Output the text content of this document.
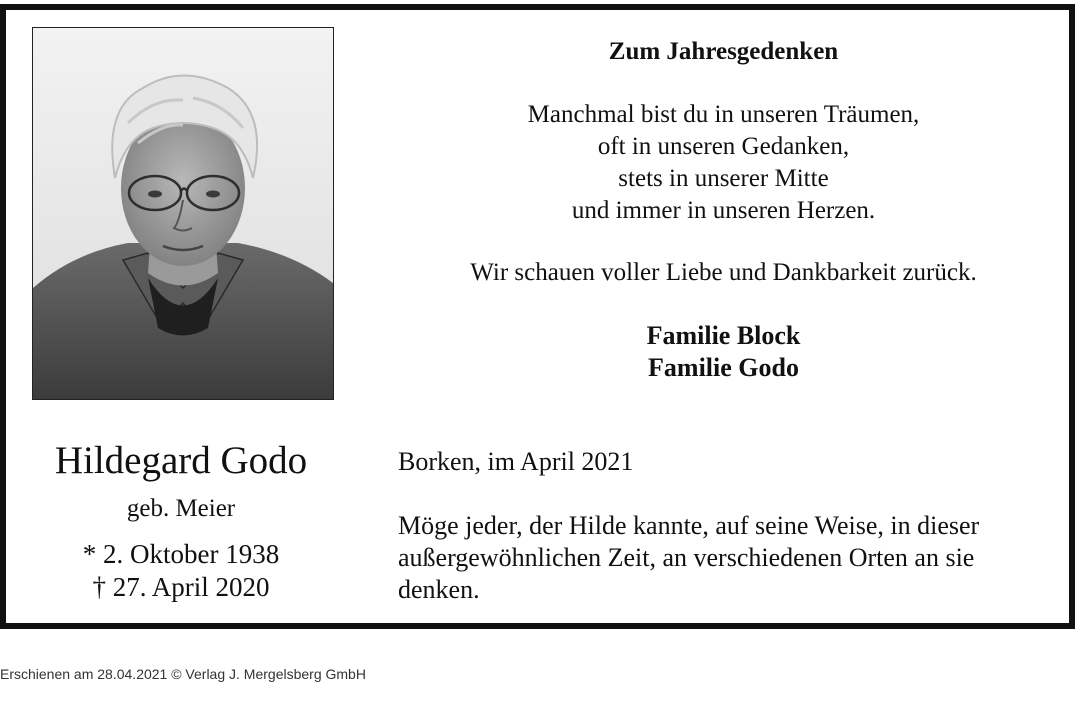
Hildegard Godo
geb. Meier
* 2. Oktober 1938
† 27. April 2020
Zum Jahresgedenken
Manchmal bist du in unseren Träumen,
oft in unseren Gedanken,
stets in unserer Mitte
und immer in unseren Herzen.
Wir schauen voller Liebe und Dankbarkeit zurück.
Familie Block
Familie Godo
Borken, im April 2021
Möge jeder, der Hilde kannte, auf seine Weise, in dieser außergewöhnlichen Zeit, an verschiedenen Orten an sie denken.
Erschienen am 28.04.2021 © Verlag J. Mergelsberg GmbH
